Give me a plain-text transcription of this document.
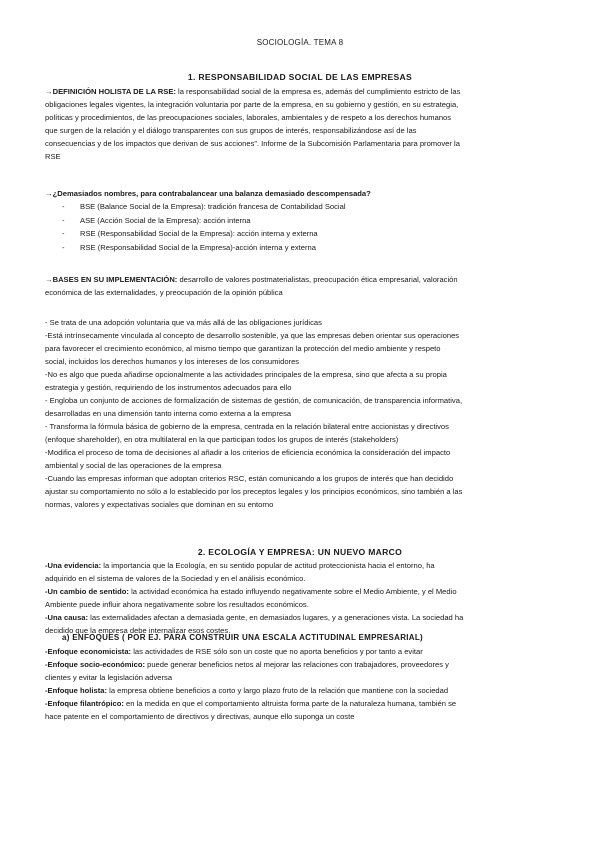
SOCIOLOGÍA. TEMA 8
1. RESPONSABILIDAD SOCIAL DE LAS EMPRESAS
→DEFINICIÓN HOLISTA DE LA RSE: la responsabilidad social de la empresa es, además del cumplimiento estricto de las
obligaciones legales vigentes, la integración voluntaria por parte de la empresa, en su gobierno y gestión, en su estrategia,
políticas y procedimientos, de las preocupaciones sociales, laborales, ambientales y de respeto a los derechos humanos
que surgen de la relación y el diálogo transparentes con sus grupos de interés, responsabilizándose así de las
consecuencias y de los impactos que derivan de sus acciones”. Informe de la Subcomisión Parlamentaria para promover la
RSE
→¿Demasiados nombres, para contrabalancear una balanza demasiado descompensada?
- BSE (Balance Social de la Empresa): tradición francesa de Contabilidad Social
- ASE (Acción Social de la Empresa): acción interna
- RSE (Responsabilidad Social de la Empresa): acción interna y externa
- RSE (Responsabilidad Social de la Empresa)-acción interna y externa
→BASES EN SU IMPLEMENTACIÓN: desarrollo de valores postmaterialistas, preocupación ética empresarial, valoración
económica de las externalidades, y preocupación de la opinión pública
- Se trata de una adopción voluntaria que va más allá de las obligaciones jurídicas
-Está intrínsecamente vinculada al concepto de desarrollo sostenible, ya que las empresas deben orientar sus operaciones
para favorecer el crecimiento económico, al mismo tiempo que garantizan la protección del medio ambiente y respeto
social, incluidos los derechos humanos y los intereses de los consumidores
-No es algo que pueda añadirse opcionalmente a las actividades principales de la empresa, sino que afecta a su propia
estrategia y gestión, requiriendo de los instrumentos adecuados para ello
- Engloba un conjunto de acciones de formalización de sistemas de gestión, de comunicación, de transparencia informativa,
desarrolladas en una dimensión tanto interna como externa a la empresa
- Transforma la fórmula básica de gobierno de la empresa, centrada en la relación bilateral entre accionistas y directivos
(enfoque shareholder), en otra multilateral en la que participan todos los grupos de interés (stakeholders)
-Modifica el proceso de toma de decisiones al añadir a los criterios de eficiencia económica la consideración del impacto
ambiental y social de las operaciones de la empresa
-Cuando las empresas informan que adoptan criterios RSC, están comunicando a los grupos de interés que han decidido
ajustar su comportamiento no sólo a lo establecido por los preceptos legales y los principios económicos, sino también a las
normas, valores y expectativas sociales que dominan en su entorno
2. ECOLOGÍA Y EMPRESA: UN NUEVO MARCO
-Una evidencia: la importancia que la Ecología, en su sentido popular de actitud proteccionista hacia el entorno, ha
adquirido en el sistema de valores de la Sociedad y en el análisis económico.
-Un cambio de sentido: la actividad económica ha estado influyendo negativamente sobre el Medio Ambiente, y el Medio
Ambiente puede influir ahora negativamente sobre los resultados económicos.
-Una causa: las externalidades afectan a demasiada gente, en demasiados lugares, y a generaciones vista. La sociedad ha
decidido que la empresa debe internalizar esos costes.
a) ENFOQUES ( POR EJ. PARA CONSTRUIR UNA ESCALA ACTITUDINAL EMPRESARIAL)
-Enfoque economicista: las actividades de RSE sólo son un coste que no aporta beneficios y por tanto a evitar
-Enfoque socio-económico: puede generar beneficios netos al mejorar las relaciones con trabajadores, proveedores y
clientes y evitar la legislación adversa
-Enfoque holista: la empresa obtiene beneficios a corto y largo plazo fruto de la relación que mantiene con la sociedad
-Enfoque filantrópico: en la medida en que el comportamiento altruista forma parte de la naturaleza humana, también se
hace patente en el comportamiento de directivos y directivas, aunque ello suponga un coste
